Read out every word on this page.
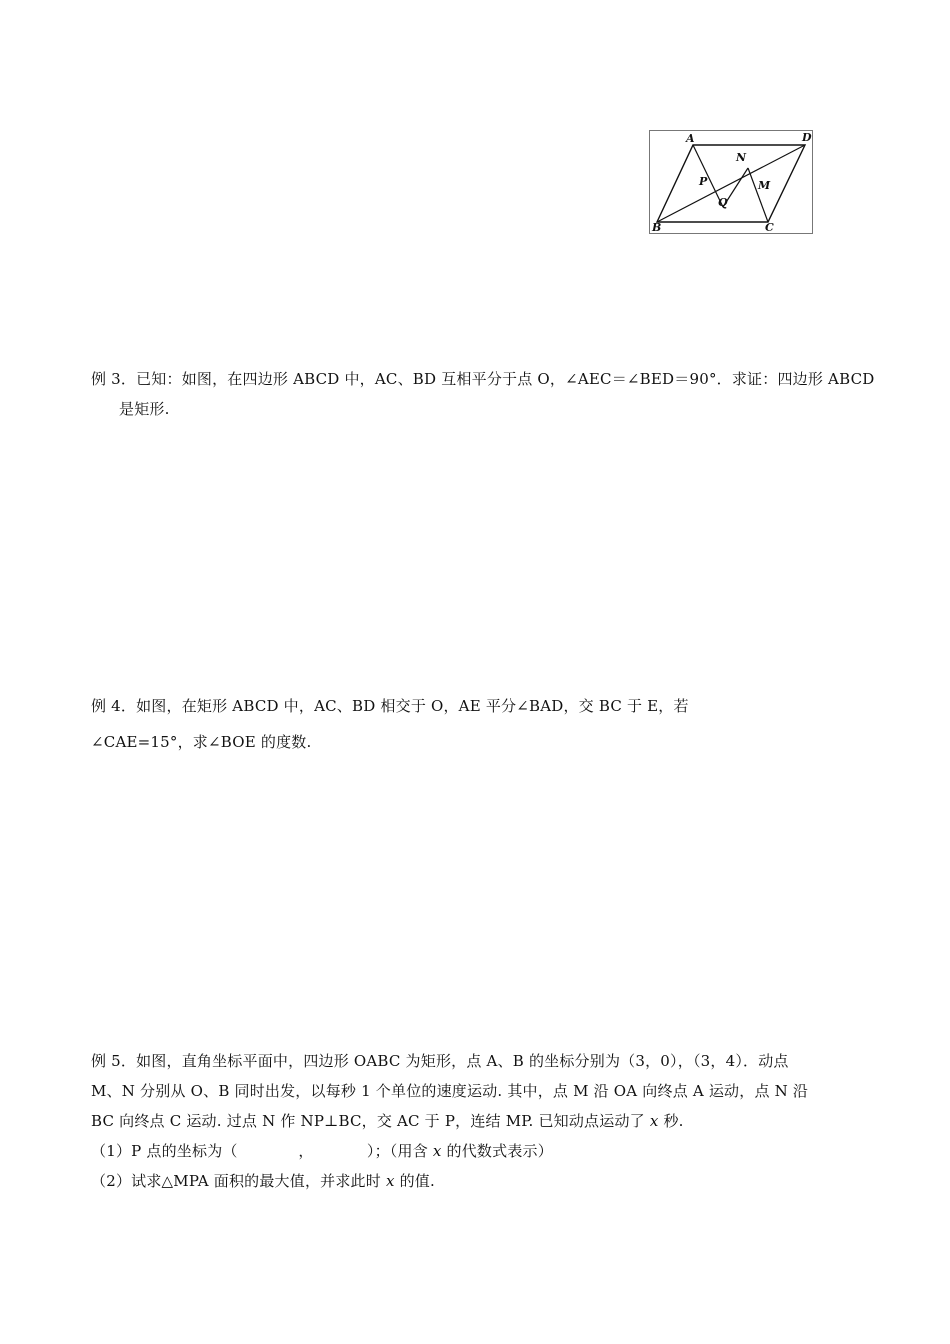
A	D
N
P	M
Q
B	C
例 3．已知：如图，在四边形 ABCD 中，AC、BD 互相平分于点 O，∠AEC＝∠BED＝90°．求证：四边形 ABCD
是矩形.
例 4．如图，在矩形 ABCD 中，AC、BD 相交于 O，AE 平分∠BAD，交 BC 于 E，若
∠CAE=15°，求∠BOE 的度数.
例 5．如图，直角坐标平面中，四边形 OABC 为矩形，点 A、B 的坐标分别为（3，0），（3，4）．动点
M、N 分别从 O、B 同时出发，以每秒 1 个单位的速度运动. 其中，点 M 沿 OA 向终点 A 运动，点 N 沿
BC 向终点 C 运动. 过点 N 作 NP⊥BC，交 AC 于 P，连结 MP. 已知动点运动了 x 秒.
（1）P 点的坐标为（　　　　，　　　　）；（用含 x 的代数式表示）
（2）试求△MPA 面积的最大值，并求此时 x 的值.
